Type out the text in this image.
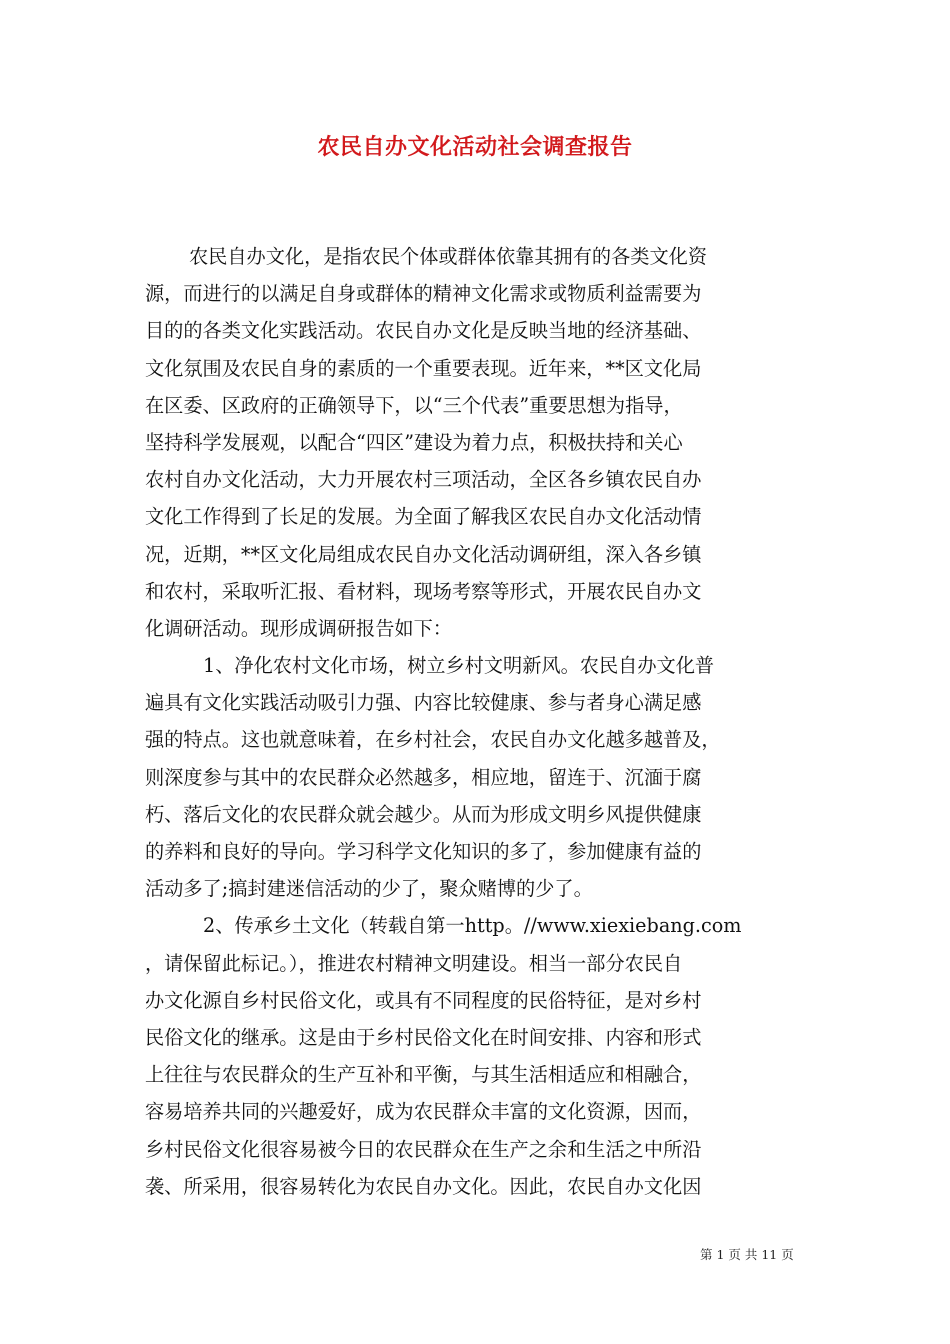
农民自办文化活动社会调查报告
农民自办文化，是指农民个体或群体依靠其拥有的各类文化资
源，而进行的以满足自身或群体的精神文化需求或物质利益需要为
目的的各类文化实践活动。农民自办文化是反映当地的经济基础、
文化氛围及农民自身的素质的一个重要表现。近年来，**区文化局
在区委、区政府的正确领导下，以“三个代表”重要思想为指导，
坚持科学发展观，以配合“四区”建设为着力点，积极扶持和关心
农村自办文化活动，大力开展农村三项活动，全区各乡镇农民自办
文化工作得到了长足的发展。为全面了解我区农民自办文化活动情
况，近期，**区文化局组成农民自办文化活动调研组，深入各乡镇
和农村，采取听汇报、看材料，现场考察等形式，开展农民自办文
化调研活动。现形成调研报告如下：
1、净化农村文化市场，树立乡村文明新风。农民自办文化普
遍具有文化实践活动吸引力强、内容比较健康、参与者身心满足感
强的特点。这也就意味着，在乡村社会，农民自办文化越多越普及，
则深度参与其中的农民群众必然越多，相应地，留连于、沉湎于腐
朽、落后文化的农民群众就会越少。从而为形成文明乡风提供健康
的养料和良好的导向。学习科学文化知识的多了，参加健康有益的
活动多了;搞封建迷信活动的少了，聚众赌博的少了。
2、传承乡土文化（转载自第一http。//www.xiexiebang.com
，请保留此标记。），推进农村精神文明建设。相当一部分农民自
办文化源自乡村民俗文化，或具有不同程度的民俗特征，是对乡村
民俗文化的继承。这是由于乡村民俗文化在时间安排、内容和形式
上往往与农民群众的生产互补和平衡，与其生活相适应和相融合，
容易培养共同的兴趣爱好，成为农民群众丰富的文化资源，因而，
乡村民俗文化很容易被今日的农民群众在生产之余和生活之中所沿
袭、所采用，很容易转化为农民自办文化。因此，农民自办文化因
第 1 页 共 11 页
